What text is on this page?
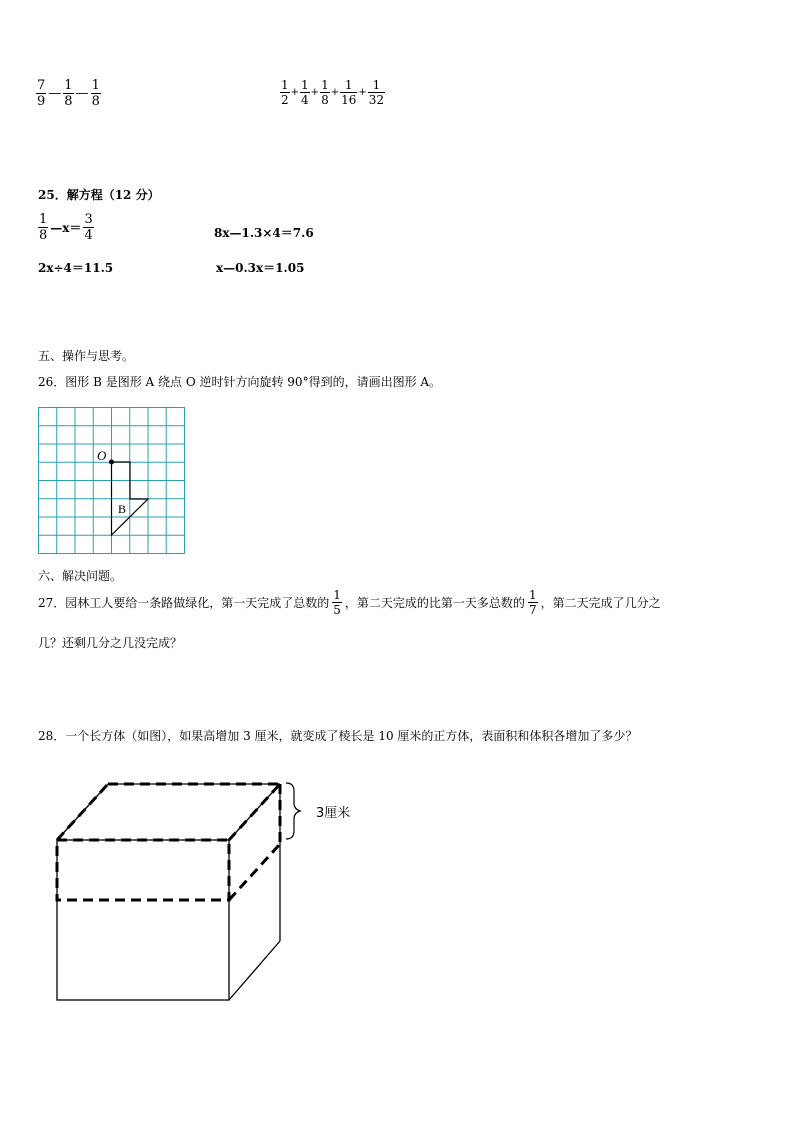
$\frac{7}{9}$ — $\frac{1}{8}$ — $\frac{1}{8}$	$\frac{1}{2} + \frac{1}{4} + \frac{1}{8} + \frac{1}{16} + \frac{1}{32}$
25．解方程（12 分）
$\frac{1}{8}$ —x＝ $\frac{3}{4}$	8x—1.3×4＝7.6
2x÷4＝11.5	x—0.3x＝1.05
五、操作与思考。
26．图形 B 是图形 A 绕点 O 逆时针方向旋转 90°得到的，请画出图形 A。
O
B
六、解决问题。
27．园林工人要给一条路做绿化，第一天完成了总数的 $\frac{1}{5}$ ，第二天完成的比第一天多总数的 $\frac{1}{7}$ ，第二天完成了几分之
几？还剩几分之几没完成？
28．一个长方体（如图），如果高增加 3 厘米，就变成了棱长是 10 厘米的正方体，表面积和体积各增加了多少？
3厘米
